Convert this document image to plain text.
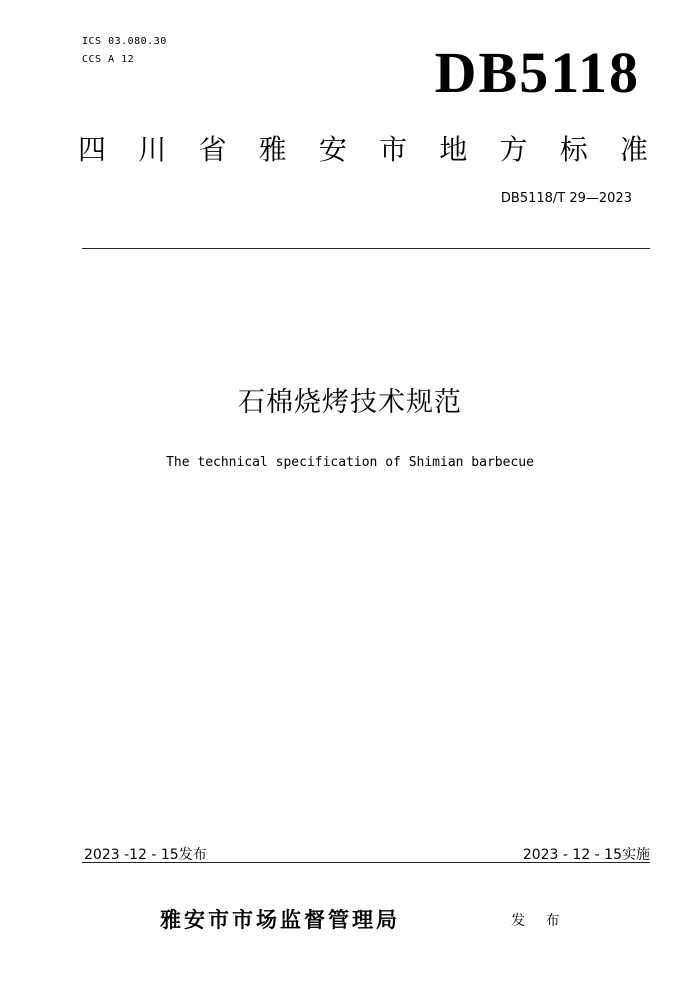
ICS 03.080.30
CCS A 12	DB5118
四 川 省 雅 安 市 地 方 标 准
DB5118/T 29—2023
石棉烧烤技术规范
The technical specification of Shimian barbecue
2023 -12 - 15发布	2023 - 12 - 15实施
雅安市市场监督管理局	发 布
